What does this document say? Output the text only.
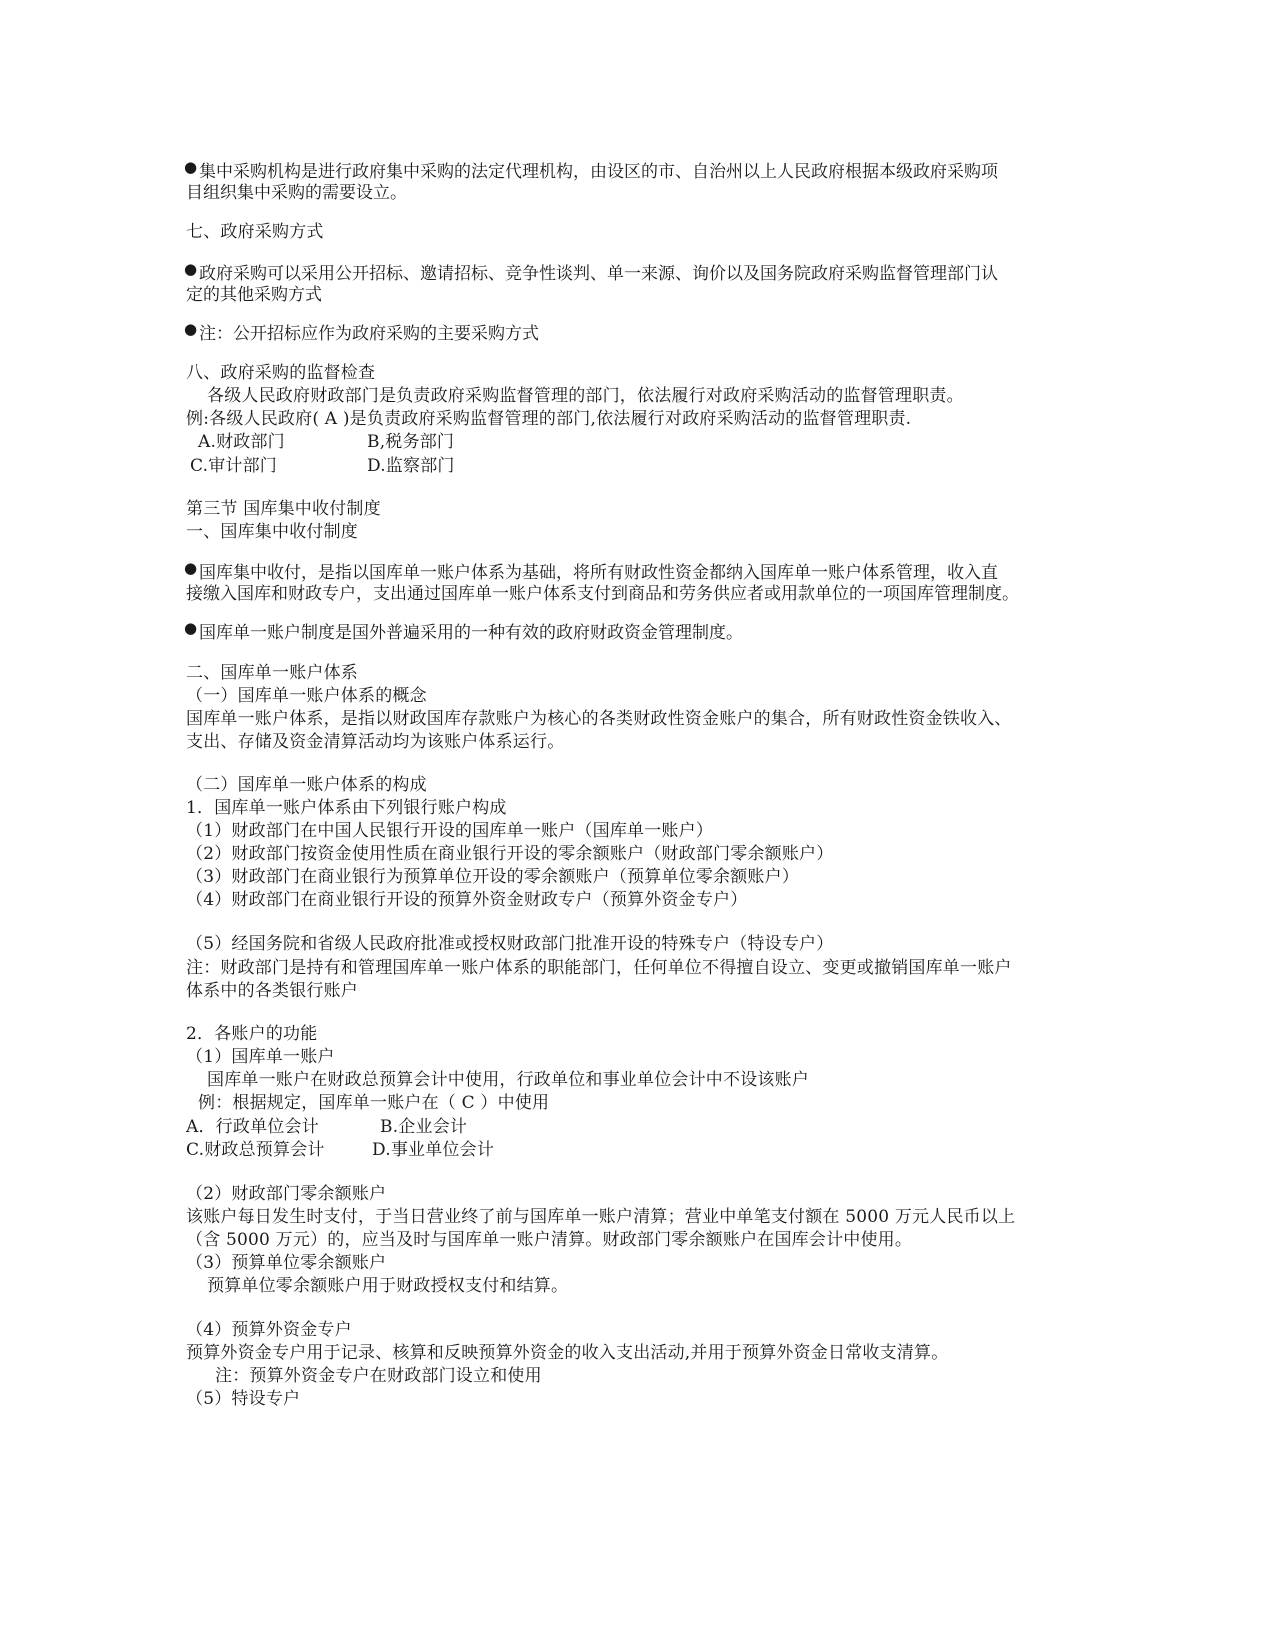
● 集中采购机构是进行政府集中采购的法定代理机构，由设区的市、自治州以上人民政府根据本级政府采购项
目组织集中采购的需要设立。
七、政府采购方式
● 政府采购可以采用公开招标、邀请招标、竞争性谈判、单一来源、询价以及国务院政府采购监督管理部门认
定的其他采购方式
● 注：公开招标应作为政府采购的主要采购方式
八、政府采购的监督检查
各级人民政府财政部门是负责政府采购监督管理的部门，依法履行对政府采购活动的监督管理职责。
例:各级人民政府( A )是负责政府采购监督管理的部门,依法履行对政府采购活动的监督管理职责.
A.财政部门	B,税务部门
C.审计部门	D.监察部门
第三节 国库集中收付制度
一、国库集中收付制度
● 国库集中收付，是指以国库单一账户体系为基础，将所有财政性资金都纳入国库单一账户体系管理，收入直
接缴入国库和财政专户，支出通过国库单一账户体系支付到商品和劳务供应者或用款单位的一项国库管理制度。
● 国库单一账户制度是国外普遍采用的一种有效的政府财政资金管理制度。
二、国库单一账户体系
（一）国库单一账户体系的概念
国库单一账户体系，是指以财政国库存款账户为核心的各类财政性资金账户的集合，所有财政性资金铁收入、
支出、存储及资金清算活动均为该账户体系运行。
（二）国库单一账户体系的构成
1．国库单一账户体系由下列银行账户构成
（1）财政部门在中国人民银行开设的国库单一账户（国库单一账户）
（2）财政部门按资金使用性质在商业银行开设的零余额账户（财政部门零余额账户）
（3）财政部门在商业银行为预算单位开设的零余额账户（预算单位零余额账户）
（4）财政部门在商业银行开设的预算外资金财政专户（预算外资金专户）
（5）经国务院和省级人民政府批准或授权财政部门批准开设的特殊专户（特设专户）
注：财政部门是持有和管理国库单一账户体系的职能部门，任何单位不得擅自设立、变更或撤销国库单一账户
体系中的各类银行账户
2．各账户的功能
（1）国库单一账户
国库单一账户在财政总预算会计中使用，行政单位和事业单位会计中不设该账户
例：根据规定，国库单一账户在（ C ）中使用
A．行政单位会计	B.企业会计
C.财政总预算会计	D.事业单位会计
（2）财政部门零余额账户
该账户每日发生时支付，于当日营业终了前与国库单一账户清算；营业中单笔支付额在 5000 万元人民币以上
（含 5000 万元）的，应当及时与国库单一账户清算。财政部门零余额账户在国库会计中使用。
（3）预算单位零余额账户
预算单位零余额账户用于财政授权支付和结算。
（4）预算外资金专户
预算外资金专户用于记录、核算和反映预算外资金的收入支出活动,并用于预算外资金日常收支清算。
注：预算外资金专户在财政部门设立和使用
（5）特设专户
